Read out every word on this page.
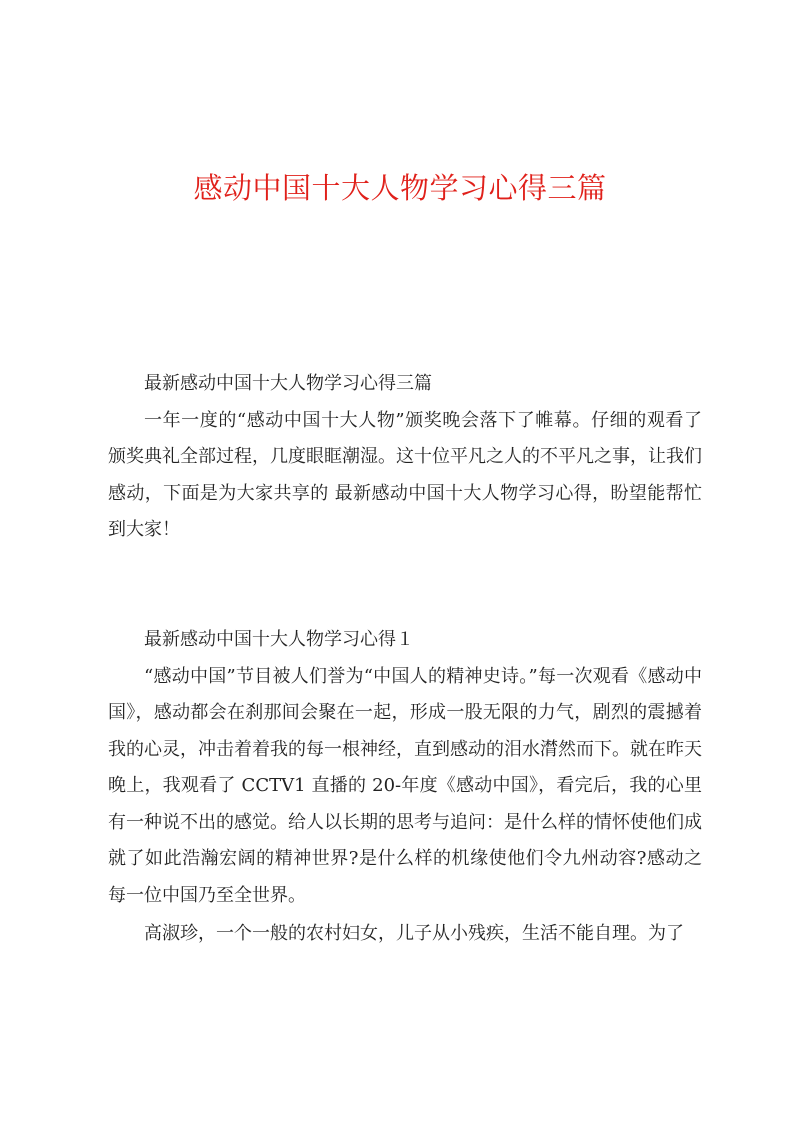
感动中国十大人物学习心得三篇

最新感动中国十大人物学习心得三篇

一年一度的“感动中国十大人物”颁奖晚会落下了帷幕。仔细的观看了颁奖典礼全部过程，几度眼眶潮湿。这十位平凡之人的不平凡之事，让我们感动，下面是为大家共享的 最新感动中国十大人物学习心得，盼望能帮忙到大家！

最新感动中国十大人物学习心得１

“感动中国”节目被人们誉为“中国人的精神史诗。”每一次观看《感动中国》，感动都会在刹那间会聚在一起，形成一股无限的力气，剧烈的震撼着我的心灵，冲击着着我的每一根神经，直到感动的泪水潸然而下。就在昨天晚上，我观看了 CCTV1 直播的 20-年度《感动中国》，看完后，我的心里有一种说不出的感觉。给人以长期的思考与追问：是什么样的情怀使他们成就了如此浩瀚宏阔的精神世界?是什么样的机缘使他们令九州动容?感动之每一位中国乃至全世界。

高淑珍，一个一般的农村妇女，儿子从小残疾，生活不能自理。为了
